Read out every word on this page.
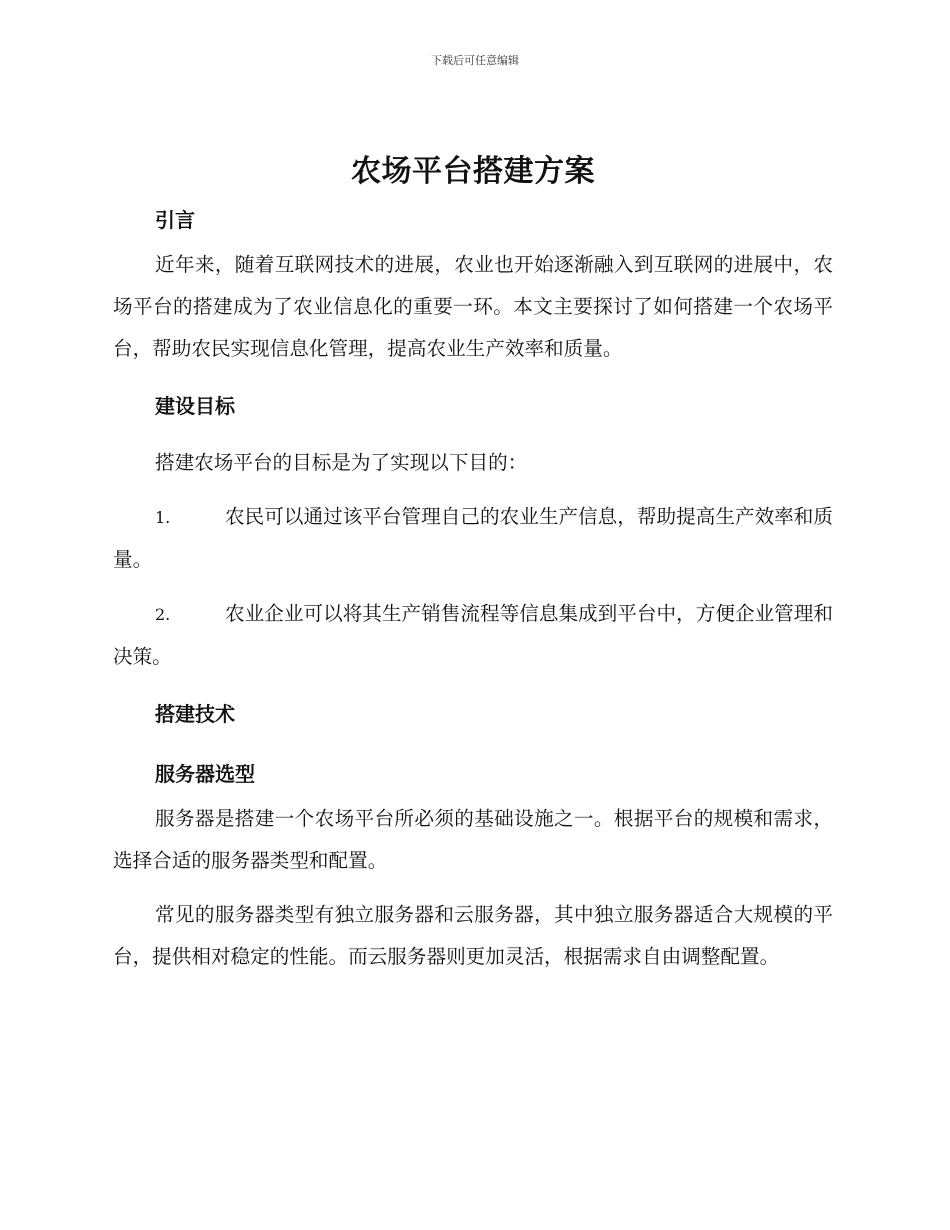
下载后可任意编辑
农场平台搭建方案
引言

近年来，随着互联网技术的进展，农业也开始逐渐融入到互联网的进展中，农场平台的搭建成为了农业信息化的重要一环。本文主要探讨了如何搭建一个农场平台，帮助农民实现信息化管理，提高农业生产效率和质量。

建设目标

搭建农场平台的目标是为了实现以下目的：

1.	农民可以通过该平台管理自己的农业生产信息，帮助提高生产效率和质量。

2.	农业企业可以将其生产销售流程等信息集成到平台中，方便企业管理和决策。

搭建技术
服务器选型

服务器是搭建一个农场平台所必须的基础设施之一。根据平台的规模和需求，选择合适的服务器类型和配置。

常见的服务器类型有独立服务器和云服务器，其中独立服务器适合大规模的平台，提供相对稳定的性能。而云服务器则更加灵活，根据需求自由调整配置。
